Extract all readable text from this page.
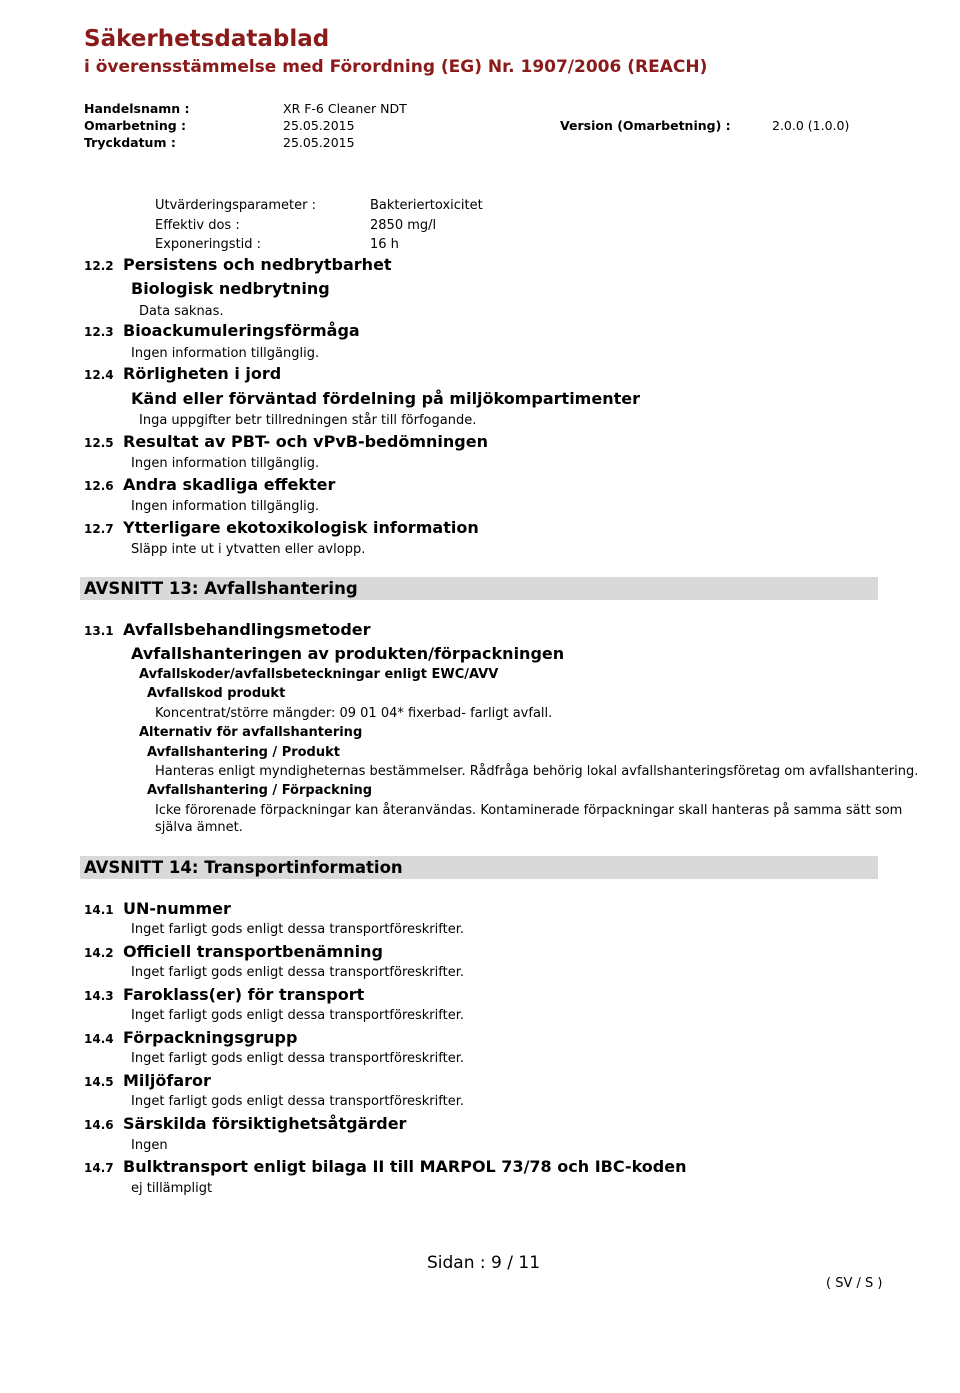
Säkerhetsdatablad
i överensstämmelse med Förordning (EG) Nr. 1907/2006 (REACH)
Handelsnamn :	XR F-6 Cleaner NDT
Omarbetning :	25.05.2015	Version (Omarbetning) :	2.0.0 (1.0.0)
Tryckdatum :	25.05.2015
Utvärderingsparameter :	Bakteriertoxicitet
Effektiv dos :	2850 mg/l
Exponeringstid :	16 h
12.2 Persistens och nedbrytbarhet
Biologisk nedbrytning
Data saknas.
12.3 Bioackumuleringsförmåga
Ingen information tillgänglig.
12.4 Rörligheten i jord
Känd eller förväntad fördelning på miljökompartimenter
Inga uppgifter betr tillredningen står till förfogande.
12.5 Resultat av PBT- och vPvB-bedömningen
Ingen information tillgänglig.
12.6 Andra skadliga effekter
Ingen information tillgänglig.
12.7 Ytterligare ekotoxikologisk information
Släpp inte ut i ytvatten eller avlopp.
AVSNITT 13: Avfallshantering
13.1 Avfallsbehandlingsmetoder
Avfallshanteringen av produkten/förpackningen
Avfallskoder/avfallsbeteckningar enligt EWC/AVV
Avfallskod produkt
Koncentrat/större mängder: 09 01 04* fixerbad- farligt avfall.
Alternativ för avfallshantering
Avfallshantering / Produkt
Hanteras enligt myndigheternas bestämmelser. Rådfråga behörig lokal avfallshanteringsföretag om avfallshantering.
Avfallshantering / Förpackning
Icke förorenade förpackningar kan återanvändas. Kontaminerade förpackningar skall hanteras på samma sätt som
själva ämnet.
AVSNITT 14: Transportinformation
14.1 UN-nummer
Inget farligt gods enligt dessa transportföreskrifter.
14.2 Officiell transportbenämning
Inget farligt gods enligt dessa transportföreskrifter.
14.3 Faroklass(er) för transport
Inget farligt gods enligt dessa transportföreskrifter.
14.4 Förpackningsgrupp
Inget farligt gods enligt dessa transportföreskrifter.
14.5 Miljöfaror
Inget farligt gods enligt dessa transportföreskrifter.
14.6 Särskilda försiktighetsåtgärder
Ingen
14.7 Bulktransport enligt bilaga II till MARPOL 73/78 och IBC-koden
ej tillämpligt
Sidan : 9 / 11
( SV / S )
